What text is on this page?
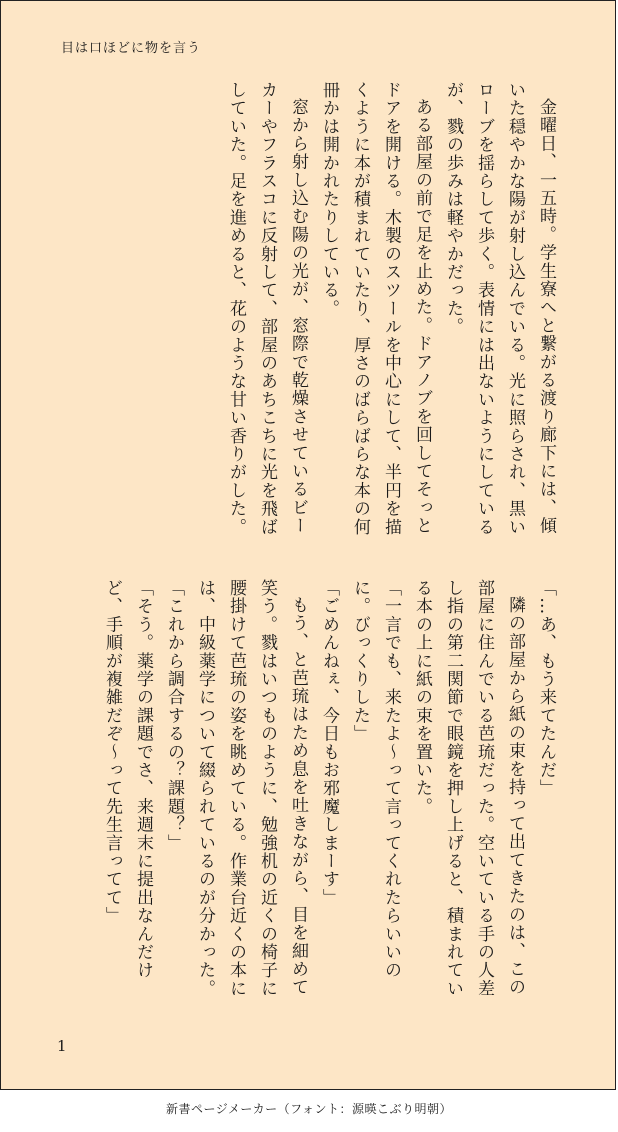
目は口ほどに物を言う

金曜日、一五時。学生寮へと繋がる渡り廊下には、傾いた穏やかな陽が射し込んでいる。光に照らされ、黒いローブを揺らして歩く。表情には出ないようにしているが、戮の歩みは軽やかだった。

ある部屋の前で足を止めた。ドアノブを回してそっとドアを開ける。木製のスツールを中心にして、半円を描くように本が積まれていたり、厚さのばらばらな本の何冊かは開かれたりしている。

窓から射し込む陽の光が、窓際で乾燥させているビーカーやフラスコに反射して、部屋のあちこちに光を飛ばしていた。足を進めると、花のような甘い香りがした。

「…あ、もう来てたんだ」

隣の部屋から紙の束を持って出てきたのは、この部屋に住んでいる芭琉だった。空いている手の人差し指の第二関節で眼鏡を押し上げると、積まれている本の上に紙の束を置いた。

「一言でも、来たよ〜って言ってくれたらいいのに。びっくりした」

「ごめんねぇ、今日もお邪魔しまーす」

もう、と芭琉はため息を吐きながら、目を細めて笑う。戮はいつものように、勉強机の近くの椅子に腰掛けて芭琉の姿を眺めている。作業台近くの本には、中級薬学について綴られているのが分かった。

「これから調合するの？課題？」

「そう。薬学の課題でさ、来週末に提出なんだけど、手順が複雑だぞ〜って先生言ってて」

1
新書ページメーカー（フォント：源暎こぶり明朝）
